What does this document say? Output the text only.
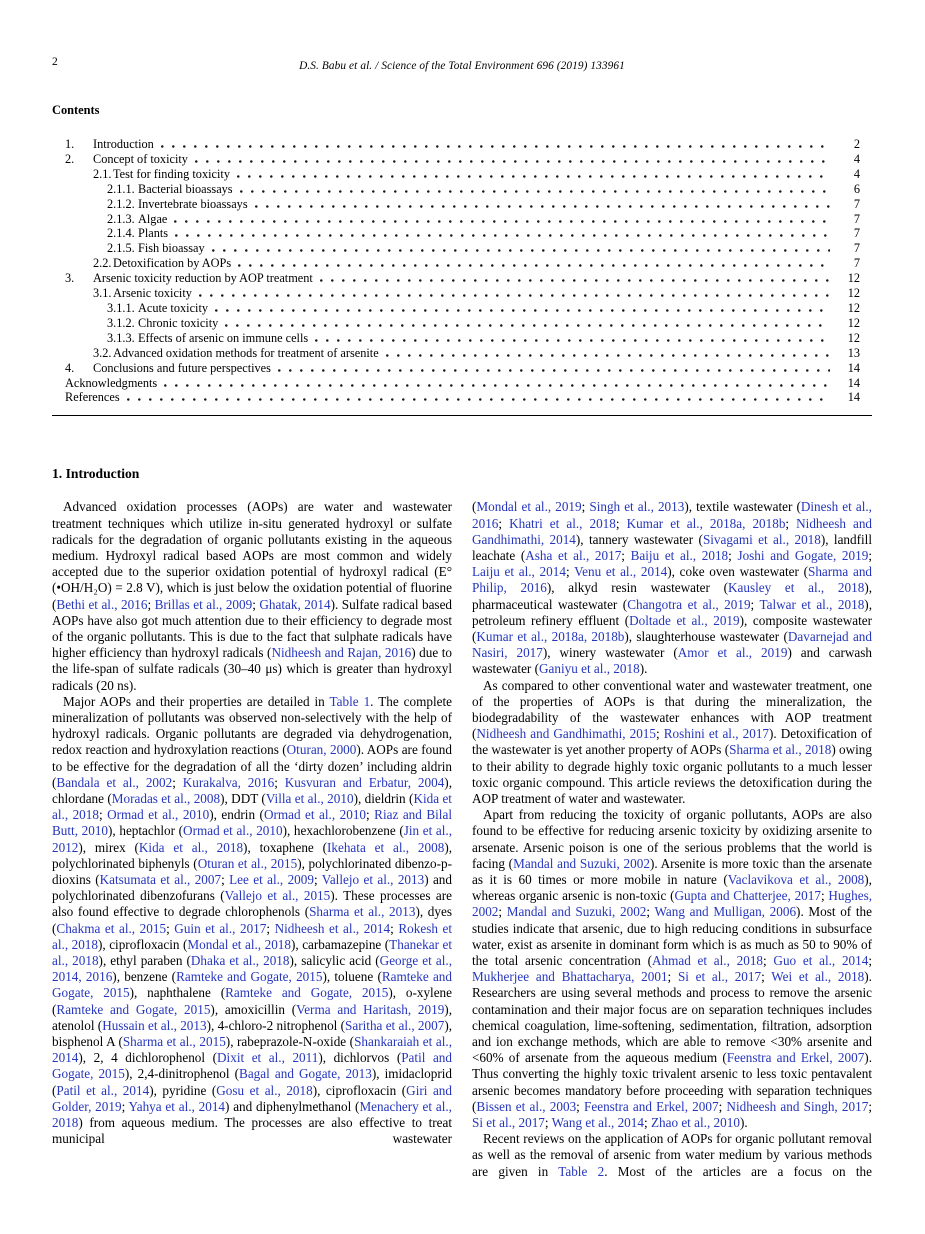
2	D.S. Babu et al. / Science of the Total Environment 696 (2019) 133961
Contents
1.	Introduction	2
2.	Concept of toxicity	4
2.1. Test for finding toxicity	4
2.1.1. Bacterial bioassays	6
2.1.2. Invertebrate bioassays	7
2.1.3. Algae	7
2.1.4. Plants	7
2.1.5. Fish bioassay	7
2.2. Detoxification by AOPs	7
3.	Arsenic toxicity reduction by AOP treatment	12
3.1. Arsenic toxicity	12
3.1.1. Acute toxicity	12
3.1.2. Chronic toxicity	12
3.1.3. Effects of arsenic on immune cells	12
3.2. Advanced oxidation methods for treatment of arsenite	13
4.	Conclusions and future perspectives	14
Acknowledgments	14
References	14
1. Introduction

Advanced oxidation processes (AOPs) are water and wastewater treatment techniques which utilize in-situ generated hydroxyl or sulfate radicals for the degradation of organic pollutants existing in the aqueous medium. Hydroxyl radical based AOPs are most common and widely accepted due to the superior oxidation potential of hydroxyl radical (E°(•OH/H₂O) = 2.8 V), which is just below the oxidation potential of fluorine (Bethi et al., 2016; Brillas et al., 2009; Ghatak, 2014). Sulfate radical based AOPs have also got much attention due to their efficiency to degrade most of the organic pollutants. This is due to the fact that sulphate radicals have higher efficiency than hydroxyl radicals (Nidheesh and Rajan, 2016) due to the life-span of sulfate radicals (30–40 μs) which is greater than hydroxyl radicals (20 ns).

Major AOPs and their properties are detailed in Table 1. The complete mineralization of pollutants was observed non-selectively with the help of hydroxyl radicals. Organic pollutants are degraded via dehydrogenation, redox reaction and hydroxylation reactions (Oturan, 2000). AOPs are found to be effective for the degradation of all the ‘dirty dozen’ including aldrin (Bandala et al., 2002; Kurakalva, 2016; Kusvuran and Erbatur, 2004), chlordane (Moradas et al., 2008), DDT (Villa et al., 2010), dieldrin (Kida et al., 2018; Ormad et al., 2010), endrin (Ormad et al., 2010; Riaz and Bilal Butt, 2010), heptachlor (Ormad et al., 2010), hexachlorobenzene (Jin et al., 2012), mirex (Kida et al., 2018), toxaphene (Ikehata et al., 2008), polychlorinated biphenyls (Oturan et al., 2015), polychlorinated dibenzo-p-dioxins (Katsumata et al., 2007; Lee et al., 2009; Vallejo et al., 2013) and polychlorinated dibenzofurans (Vallejo et al., 2015). These processes are also found effective to degrade chlorophenols (Sharma et al., 2013), dyes (Chakma et al., 2015; Guin et al., 2017; Nidheesh et al., 2014; Rokesh et al., 2018), ciprofloxacin (Mondal et al., 2018), carbamazepine (Thanekar et al., 2018), ethyl paraben (Dhaka et al., 2018), salicylic acid (George et al., 2014, 2016), benzene (Ramteke and Gogate, 2015), toluene (Ramteke and Gogate, 2015), naphthalene (Ramteke and Gogate, 2015), o-xylene (Ramteke and Gogate, 2015), amoxicillin (Verma and Haritash, 2019), atenolol (Hussain et al., 2013), 4-chloro-2 nitrophenol (Saritha et al., 2007), bisphenol A (Sharma et al., 2015), rabeprazole-N-oxide (Shankaraiah et al., 2014), 2, 4 dichlorophenol (Dixit et al., 2011), dichlorvos (Patil and Gogate, 2015), 2,4-dinitrophenol (Bagal and Gogate, 2013), imidacloprid (Patil et al., 2014), pyridine (Gosu et al., 2018), ciprofloxacin (Giri and Golder, 2019; Yahya et al., 2014) and diphenylmethanol (Menachery et al., 2018) from aqueous medium. The processes are also effective to treat municipal wastewater

(Mondal et al., 2019; Singh et al., 2013), textile wastewater (Dinesh et al., 2016; Khatri et al., 2018; Kumar et al., 2018a, 2018b; Nidheesh and Gandhimathi, 2014), tannery wastewater (Sivagami et al., 2018), landfill leachate (Asha et al., 2017; Baiju et al., 2018; Joshi and Gogate, 2019; Laiju et al., 2014; Venu et al., 2014), coke oven wastewater (Sharma and Philip, 2016), alkyd resin wastewater (Kausley et al., 2018), pharmaceutical wastewater (Changotra et al., 2019; Talwar et al., 2018), petroleum refinery effluent (Doltade et al., 2019), composite wastewater (Kumar et al., 2018a, 2018b), slaughterhouse wastewater (Davarnejad and Nasiri, 2017), winery wastewater (Amor et al., 2019) and carwash wastewater (Ganiyu et al., 2018).

As compared to other conventional water and wastewater treatment, one of the properties of AOPs is that during the mineralization, the biodegradability of the wastewater enhances with AOP treatment (Nidheesh and Gandhimathi, 2015; Roshini et al., 2017). Detoxification of the wastewater is yet another property of AOPs (Sharma et al., 2018) owing to their ability to degrade highly toxic organic pollutants to a much lesser toxic organic compound. This article reviews the detoxification during the AOP treatment of water and wastewater.

Apart from reducing the toxicity of organic pollutants, AOPs are also found to be effective for reducing arsenic toxicity by oxidizing arsenite to arsenate. Arsenic poison is one of the serious problems that the world is facing (Mandal and Suzuki, 2002). Arsenite is more toxic than the arsenate as it is 60 times or more mobile in nature (Vaclavikova et al., 2008), whereas organic arsenic is non-toxic (Gupta and Chatterjee, 2017; Hughes, 2002; Mandal and Suzuki, 2002; Wang and Mulligan, 2006). Most of the studies indicate that arsenic, due to high reducing conditions in subsurface water, exist as arsenite in dominant form which is as much as 50 to 90% of the total arsenic concentration (Ahmad et al., 2018; Guo et al., 2014; Mukherjee and Bhattacharya, 2001; Si et al., 2017; Wei et al., 2018). Researchers are using several methods and process to remove the arsenic contamination and their major focus are on separation techniques includes chemical coagulation, lime-softening, sedimentation, filtration, adsorption and ion exchange methods, which are able to remove <30% arsenite and <60% of arsenate from the aqueous medium (Feenstra and Erkel, 2007). Thus converting the highly toxic trivalent arsenic to less toxic pentavalent arsenic becomes mandatory before proceeding with separation techniques (Bissen et al., 2003; Feenstra and Erkel, 2007; Nidheesh and Singh, 2017; Si et al., 2017; Wang et al., 2014; Zhao et al., 2010).

Recent reviews on the application of AOPs for organic pollutant removal as well as the removal of arsenic from water medium by various methods are given in Table 2. Most of the articles are a focus on the
